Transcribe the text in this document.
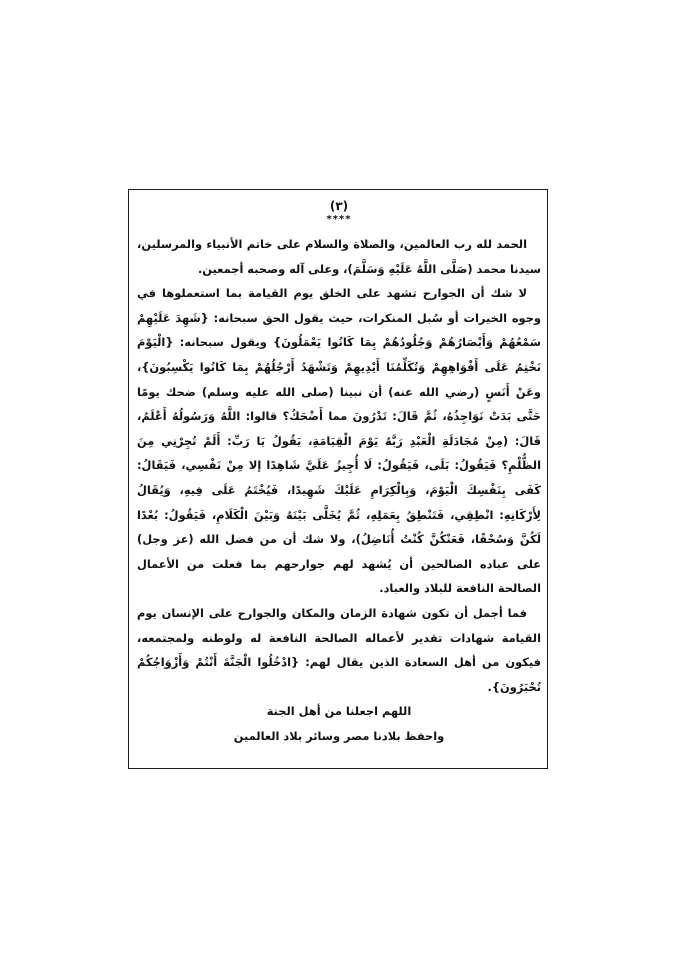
(٣)

****

الحمد لله رب العالمين، والصلاة والسلام على خاتم الأنبياء والمرسلين، سيدنا محمد (صَلَّى اللَّهُ عَلَيْهِ وَسَلَّمَ)، وعلى آله وصحبه أجمعين.

لا شك أن الجوارح تشهد على الخلق يوم القيامة بما استعملوها في وجوه الخيرات أو سُبل المنكرات، حيث يقول الحق سبحانه: {شَهِدَ عَلَيْهِمْ سَمْعُهُمْ وَأَبْصَارُهُمْ وَجُلُودُهُمْ بِمَا كَانُوا يَعْمَلُونَ} ويقول سبحانه: {الْيَوْمَ نَخْتِمُ عَلَى أَفْوَاهِهِمْ وَتُكَلِّمُنَا أَيْدِيهِمْ وَتَشْهَدُ أَرْجُلُهُمْ بِمَا كَانُوا يَكْسِبُونَ}، وعَنْ أَنَسٍ (رضي الله عنه) أن نبينا (صلى الله عليه وسلم) ضحك يومًا حَتَّى بَدَتْ نَوَاجِذُهُ، ثُمَّ قَالَ: تَدْرُونَ مما أَضْحَكُ؟ قالوا: اللَّهُ وَرَسُولُهُ أَعْلَمُ، قَالَ: (مِنْ مُجَادَلَةِ الْعَبْدِ رَبَّهُ يَوْمَ الْقِيَامَةِ، يَقُولُ يَا رَبِّ: أَلَمْ تُجِرْنِي مِنَ الظُّلْمِ؟ فَيَقُولُ: بَلَى، فَيَقُولُ: لَا أُجِيزُ عَلَيَّ شَاهِدًا إلا مِنْ نَفْسِي، فَيَقَالُ: كَفَى بِنَفْسِكَ الْيَوْمَ، وَبِالْكِرَامِ عَلَيْكَ شَهِيدًا، فَيُخْتَمُ عَلَى فِيهِ، وَيُقَالُ لِأَرْكَانِهِ: انْطِقِي، فَتَنْطِقُ بِعَمَلِهِ، ثُمَّ يُخَلَّى بَيْنَهُ وَبَيْنَ الْكَلَامِ، فَيَقُولُ: بُعْدًا لَكُنَّ وَسُحْقًا، فَعَنْكُنَّ كُنْتُ أُنَاضِلُ)، ولا شك أن من فضل الله (عز وجل) على عباده الصالحين أن يُشهد لهم جوارحهم بما فعلت من الأعمال الصالحة النافعة للبلاد والعباد.

فما أجمل أن تكون شهادة الزمان والمكان والجوارح على الإنسان يوم القيامة شهادات تقدير لأعماله الصالحة النافعة له ولوطنه ولمجتمعه، فيكون من أهل السعادة الذين يقال لهم: {ادْخُلُوا الْجَنَّةَ أَنْتُمْ وَأَزْوَاجُكُمْ تُحْبَرُونَ}.

اللهم اجعلنا من أهل الجنة

واحفظ بلادنا مصر وسائر بلاد العالمين
